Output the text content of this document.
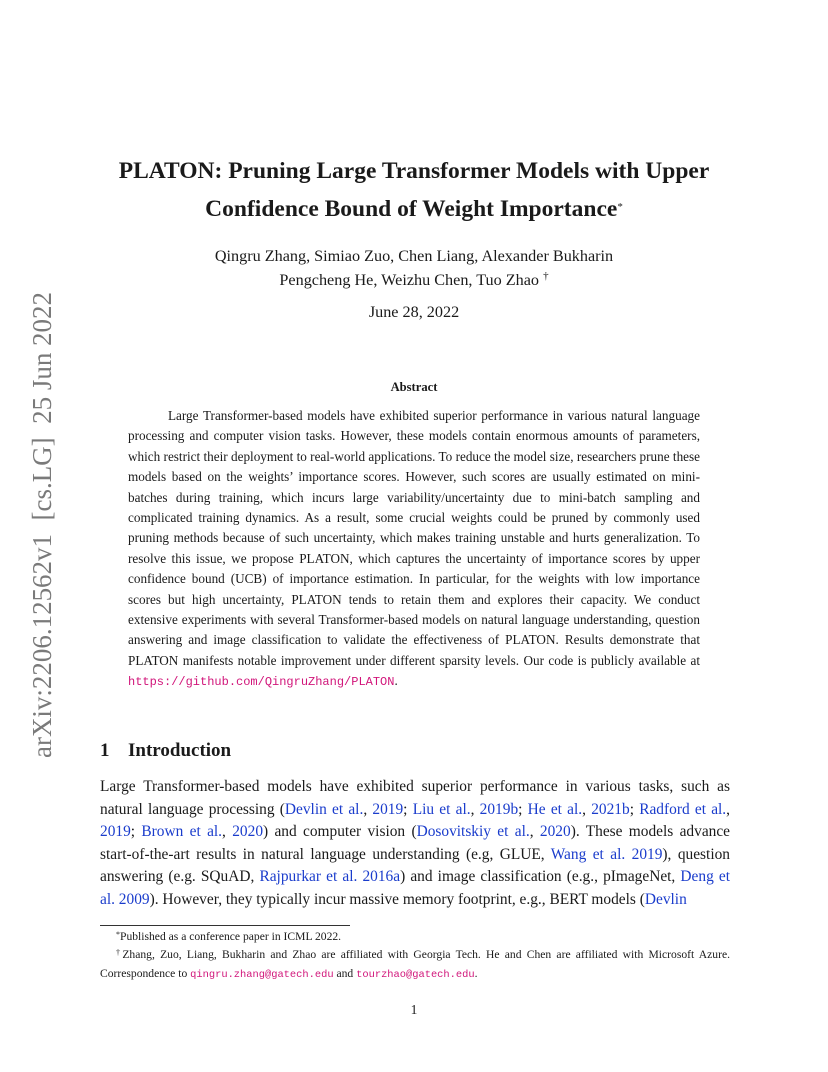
arXiv:2206.12562v1  [cs.LG]  25 Jun 2022
PLATON: Pruning Large Transformer Models with Upper
Confidence Bound of Weight Importance*
Qingru Zhang, Simiao Zuo, Chen Liang, Alexander Bukharin
Pengcheng He, Weizhu Chen, Tuo Zhao †
June 28, 2022
Abstract

Large Transformer-based models have exhibited superior performance in various natural language processing and computer vision tasks. However, these models contain enormous amounts of parameters, which restrict their deployment to real-world applications. To reduce the model size, researchers prune these models based on the weights’ importance scores. However, such scores are usually estimated on mini-batches during training, which incurs large variability/uncertainty due to mini-batch sampling and complicated training dynamics. As a result, some crucial weights could be pruned by commonly used pruning methods because of such uncertainty, which makes training unstable and hurts generalization. To resolve this issue, we propose PLATON, which captures the uncertainty of importance scores by upper confidence bound (UCB) of importance estimation. In particular, for the weights with low importance scores but high uncertainty, PLATON tends to retain them and explores their capacity. We conduct extensive experiments with several Transformer-based models on natural language understanding, question answering and image classification to validate the effectiveness of PLATON. Results demonstrate that PLATON manifests notable improvement under different sparsity levels. Our code is publicly available at https://github.com/QingruZhang/PLATON.

1 Introduction

Large Transformer-based models have exhibited superior performance in various tasks, such as natural language processing (Devlin et al., 2019; Liu et al., 2019b; He et al., 2021b; Radford et al., 2019; Brown et al., 2020) and computer vision (Dosovitskiy et al., 2020). These models advance start-of-the-art results in natural language understanding (e.g, GLUE, Wang et al. 2019), question answering (e.g. SQuAD, Rajpurkar et al. 2016a) and image classification (e.g., pImageNet, Deng et al. 2009). However, they typically incur massive memory footprint, e.g., BERT models (Devlin

*Published as a conference paper in ICML 2022.

†Zhang, Zuo, Liang, Bukharin and Zhao are affiliated with Georgia Tech. He and Chen are affiliated with Microsoft Azure. Correspondence to qingru.zhang@gatech.edu and tourzhao@gatech.edu.

1
